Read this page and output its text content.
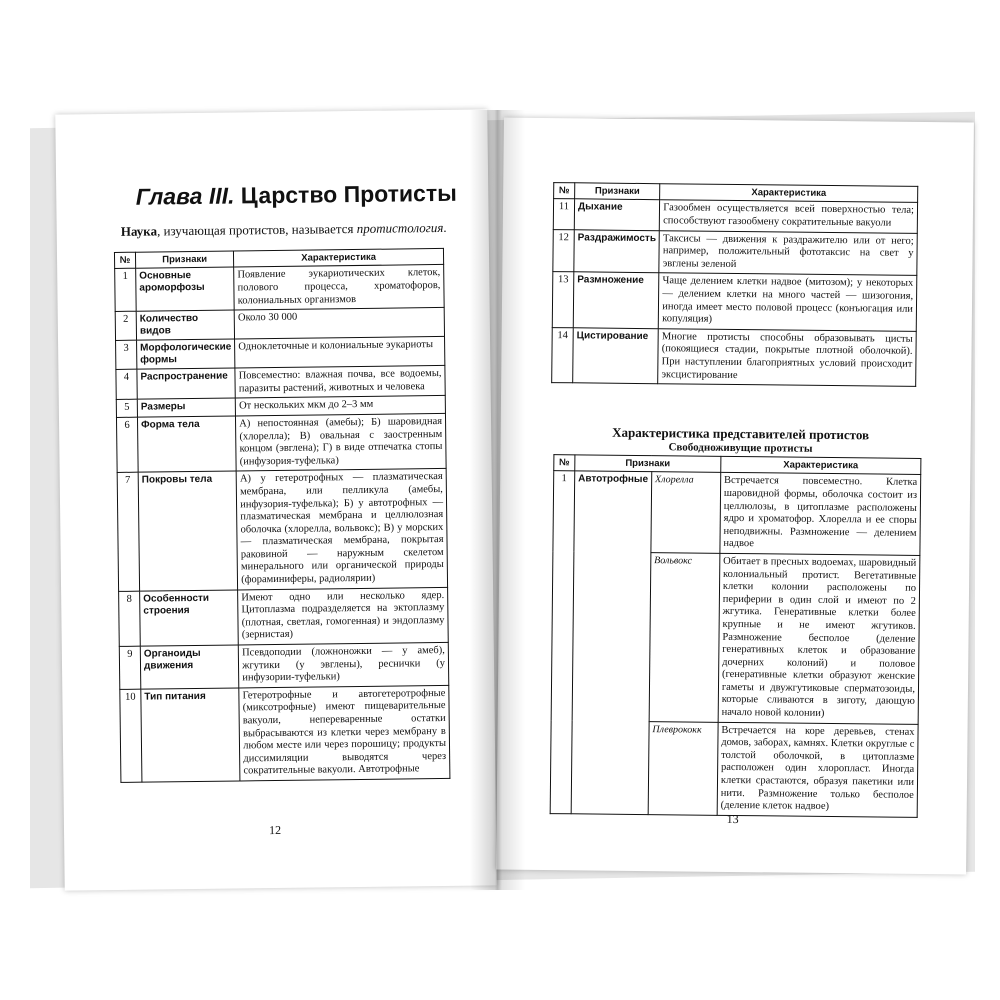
Глава III. Царство Протисты
Наука, изучающая протистов, называется протистология.
№	Признаки	Характеристика
1	Основные ароморфозы	Появление эукариотических клеток, полового процесса, хроматофоров, колониальных организмов
2	Количество видов	Около 30 000
3	Морфологические формы	Одноклеточные и колониальные эукариоты
4	Распространение	Повсеместно: влажная почва, все водоемы, паразиты растений, животных и человека
5	Размеры	От нескольких мкм до 2–3 мм
6	Форма тела	А) непостоянная (амебы); Б) шаровидная (хлорелла); В) овальная с заостренным концом (эвглена); Г) в виде отпечатка стопы (инфузория-туфелька)
7	Покровы тела	А) у гетеротрофных — плазматическая мембрана, или пелликула (амебы, инфузория-туфелька); Б) у автотрофных — плазматическая мембрана и целлюлозная оболочка (хлорелла, вольвокс); В) у морских — плазматическая мембрана, покрытая раковиной — наружным скелетом минерального или органической природы (фораминиферы, радиолярии)
8	Особенности строения	Имеют одно или несколько ядер. Цитоплазма подразделяется на эктоплазму (плотная, светлая, гомогенная) и эндоплазму (зернистая)
9	Органоиды движения	Псевдоподии (ложноножки — у амеб), жгутики (у эвглены), реснички (у инфузории-туфельки)
10	Тип питания	Гетеротрофные и автогетеротрофные (миксотрофные) имеют пищеварительные вакуоли, непереваренные остатки выбрасываются из клетки через мембрану в любом месте или через порошицу; продукты диссимиляции выводятся через сократительные вакуоли. Автотрофные
12
№	Признаки	Характеристика
11	Дыхание	Газообмен осуществляется всей поверхностью тела; способствуют газообмену сократительные вакуоли
12	Раздражимость	Таксисы — движения к раздражителю или от него; например, положительный фототаксис на свет у эвглены зеленой
13	Размножение	Чаще делением клетки надвое (митозом); у некоторых — делением клетки на много частей — шизогония, иногда имеет место половой процесс (конъюгация или копуляция)
14	Цистирование	Многие протисты способны образовывать цисты (покоящиеся стадии, покрытые плотной оболочкой). При наступлении благоприятных условий происходит эксцистирование
Характеристика представителей протистов
Свободноживущие протисты
№	Признаки		Характеристика
1	Автотрофные	Хлорелла	Встречается повсеместно. Клетка шаровидной формы, оболочка состоит из целлюлозы, в цитоплазме расположены ядро и хроматофор. Хлорелла и ее споры неподвижны. Размножение — делением надвое
		Вольвокс	Обитает в пресных водоемах, шаровидный колониальный протист. Вегетативные клетки колонии расположены по периферии в один слой и имеют по 2 жгутика. Генеративные клетки более крупные и не имеют жгутиков. Размножение бесполое (деление генеративных клеток и образование дочерних колоний) и половое (генеративные клетки образуют женские гаметы и двужгутиковые сперматозоиды, которые сливаются в зиготу, дающую начало новой колонии)
		Плеврококк	Встречается на коре деревьев, стенах домов, заборах, камнях. Клетки округлые с толстой оболочкой, в цитоплазме расположен один хлоропласт. Иногда клетки срастаются, образуя пакетики или нити. Размножение только бесполое (деление клеток надвое)
13
